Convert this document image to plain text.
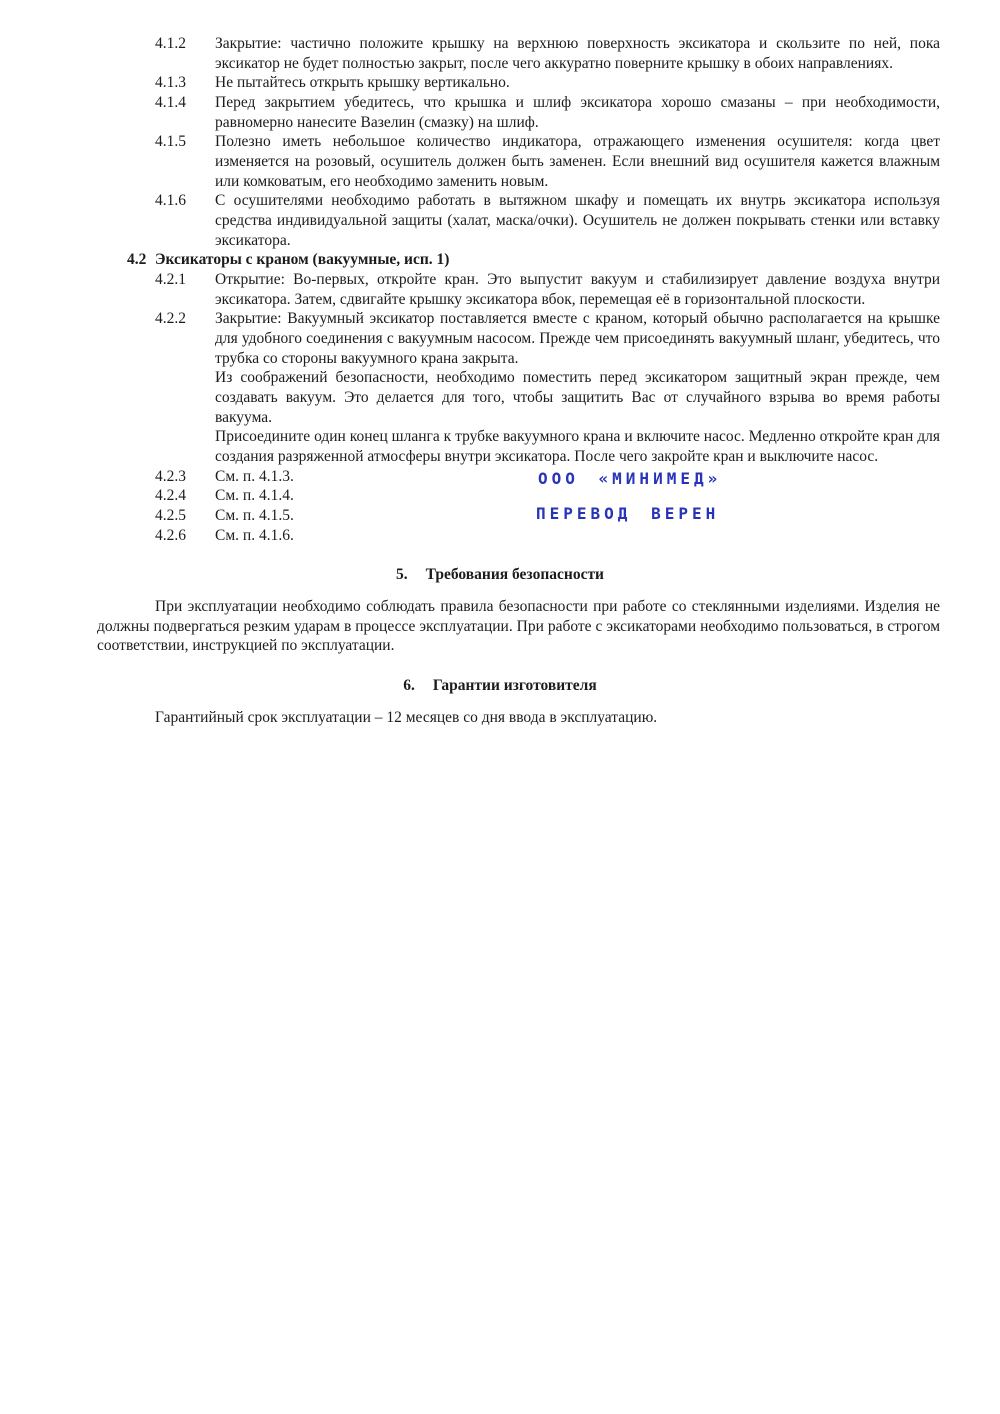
4.1.2 Закрытие: частично положите крышку на верхнюю поверхность эксикатора и скользите по ней, пока эксикатор не будет полностью закрыт, после чего аккуратно поверните крышку в обоих направлениях.
4.1.3 Не пытайтесь открыть крышку вертикально.
4.1.4 Перед закрытием убедитесь, что крышка и шлиф эксикатора хорошо смазаны – при необходимости, равномерно нанесите Вазелин (смазку) на шлиф.
4.1.5 Полезно иметь небольшое количество индикатора, отражающего изменения осушителя: когда цвет изменяется на розовый, осушитель должен быть заменен. Если внешний вид осушителя кажется влажным или комковатым, его необходимо заменить новым.
4.1.6 С осушителями необходимо работать в вытяжном шкафу и помещать их внутрь эксикатора используя средства индивидуальной защиты (халат, маска/очки). Осушитель не должен покрывать стенки или вставку эксикатора.
4.2 Эксикаторы с краном (вакуумные, исп. 1)
4.2.1 Открытие: Во-первых, откройте кран. Это выпустит вакуум и стабилизирует давление воздуха внутри эксикатора. Затем, сдвигайте крышку эксикатора вбок, перемещая её в горизонтальной плоскости.
4.2.2 Закрытие: Вакуумный эксикатор поставляется вместе с краном, который обычно располагается на крышке для удобного соединения с вакуумным насосом. Прежде чем присоединять вакуумный шланг, убедитесь, что трубка со стороны вакуумного крана закрыта.
Из соображений безопасности, необходимо поместить перед эксикатором защитный экран прежде, чем создавать вакуум. Это делается для того, чтобы защитить Вас от случайного взрыва во время работы вакуума.
Присоедините один конец шланга к трубке вакуумного крана и включите насос. Медленно откройте кран для создания разряженной атмосферы внутри эксикатора. После чего закройте кран и выключите насос.
4.2.3 См. п. 4.1.3.
4.2.4 См. п. 4.1.4.
4.2.5 См. п. 4.1.5.
4.2.6 См. п. 4.1.6.
ООО «МИНИМЕД»
ПЕРЕВОД ВЕРЕН
5. Требования безопасности
При эксплуатации необходимо соблюдать правила безопасности при работе со стеклянными изделиями. Изделия не должны подвергаться резким ударам в процессе эксплуатации. При работе с эксикаторами необходимо пользоваться, в строгом соответствии, инструкцией по эксплуатации.
6. Гарантии изготовителя
Гарантийный срок эксплуатации – 12 месяцев со дня ввода в эксплуатацию.
